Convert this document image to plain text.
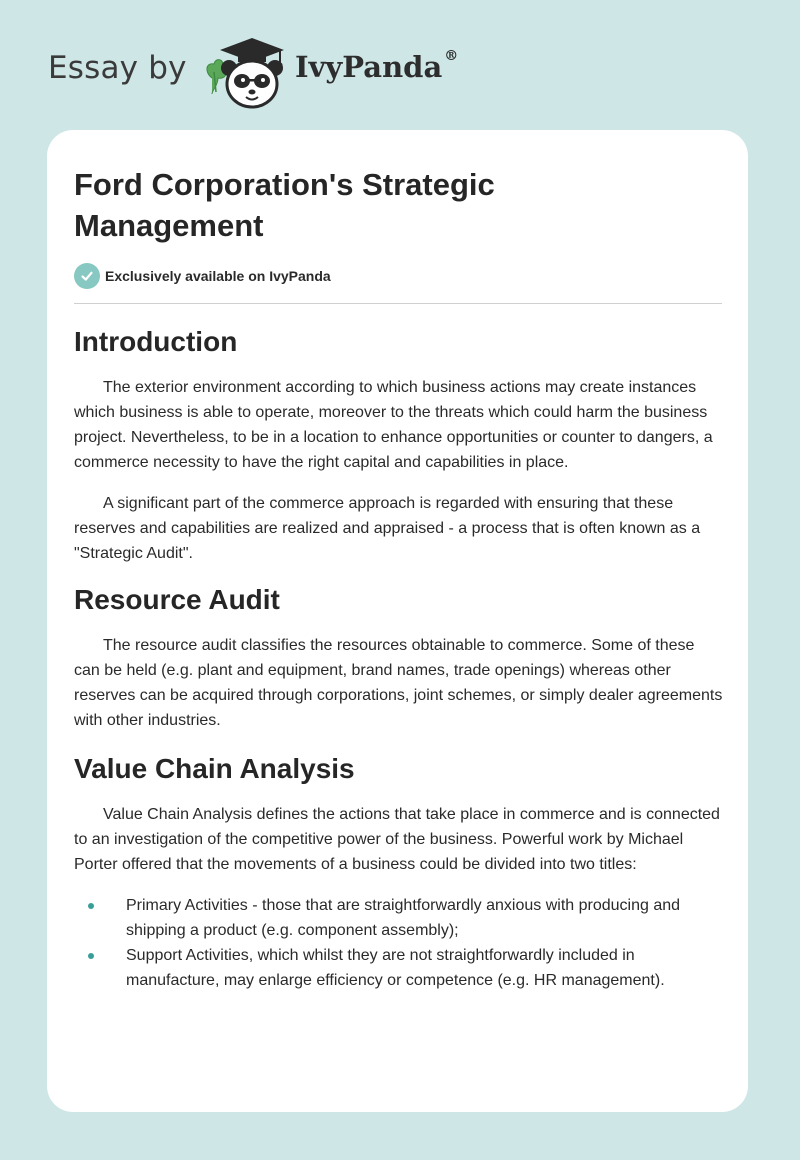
Essay by	IvyPanda ®
Ford Corporation's Strategic Management
Exclusively available on IvyPanda
Introduction

The exterior environment according to which business actions may create instances which business is able to operate, moreover to the threats which could harm the business project. Nevertheless, to be in a location to enhance opportunities or counter to dangers, a commerce necessity to have the right capital and capabilities in place.

A significant part of the commerce approach is regarded with ensuring that these reserves and capabilities are realized and appraised - a process that is often known as a "Strategic Audit".

Resource Audit

The resource audit classifies the resources obtainable to commerce. Some of these can be held (e.g. plant and equipment, brand names, trade openings) whereas other reserves can be acquired through corporations, joint schemes, or simply dealer agreements with other industries.

Value Chain Analysis

Value Chain Analysis defines the actions that take place in commerce and is connected to an investigation of the competitive power of the business. Powerful work by Michael Porter offered that the movements of a business could be divided into two titles:

Primary Activities - those that are straightforwardly anxious with producing and shipping a product (e.g. component assembly);
Support Activities, which whilst they are not straightforwardly included in manufacture, may enlarge efficiency or competence (e.g. HR management).
